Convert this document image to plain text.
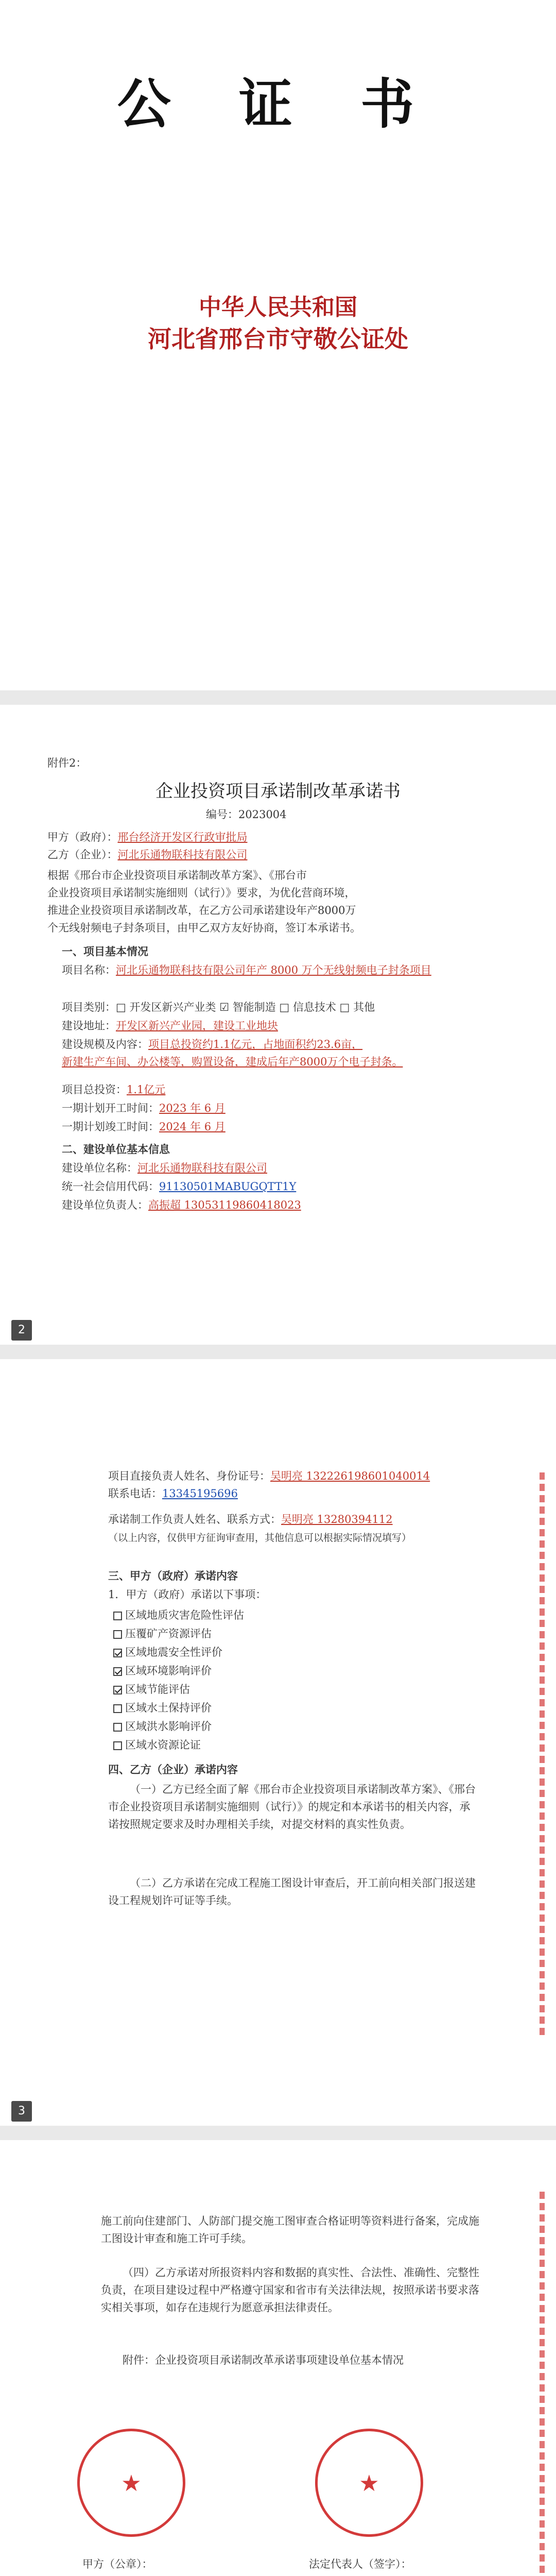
公 证 书
中华人民共和国
河北省邢台市守敬公证处
附件2：
企业投资项目承诺制改革承诺书
编号：2023004
甲方（政府）：邢台经济开发区行政审批局
乙方（企业）：河北乐通物联科技有限公司
根据《邢台市企业投资项目承诺制改革方案》、《邢台市
企业投资项目承诺制实施细则（试行）》要求，为优化营商环境，
推进企业投资项目承诺制改革，在乙方公司承诺建设年产8000万
个无线射频电子封条项目，由甲乙双方友好协商，签订本承诺书。
一、项目基本情况
项目名称：河北乐通物联科技有限公司年产 8000 万个无线射频电子封条项目
项目类别：□ 开发区新兴产业类 ☑ 智能制造 □ 信息技术 □ 其他
建设地址：开发区新兴产业园，建设工业地块
建设规模及内容：项目总投资约1.1亿元，占地面积约23.6亩，
新建生产车间、办公楼等，购置设备，建成后年产8000万个电子封条。
项目总投资：1.1亿元
一期计划开工时间：2023 年 6 月
一期计划竣工时间：2024 年 6 月
二、建设单位基本信息
建设单位名称：河北乐通物联科技有限公司
统一社会信用代码：91130501MABUGQTT1Y
建设单位负责人：高振超 13053119860418023
2
项目直接负责人姓名、身份证号：吴明亮 132226198601040014
联系电话：13345195696
承诺制工作负责人姓名、联系方式：吴明亮 13280394112
（以上内容，仅供甲方征询审查用，其他信息可以根据实际情况填写）
三、甲方（政府）承诺内容
1．甲方（政府）承诺以下事项：
区域地质灾害危险性评估
压覆矿产资源评估
区域地震安全性评价
区域环境影响评价
区域节能评估
区域水土保持评价
区域洪水影响评价
区域水资源论证
四、乙方（企业）承诺内容
（一）乙方已经全面了解《邢台市企业投资项目承诺制改革方案》、《邢台市企业投资项目承诺制实施细则（试行）》的规定和本承诺书的相关内容，承诺按照规定要求及时办理相关手续，对提交材料的真实性负责。
（二）乙方承诺在完成工程施工图设计审查后，开工前向相关部门报送建设工程规划许可证等手续。
3
施工前向住建部门、人防部门提交施工图审查合格证明等资料进行备案，完成施工图设计审查和施工许可手续。
（四）乙方承诺对所报资料内容和数据的真实性、合法性、准确性、完整性负责，在项目建设过程中严格遵守国家和省市有关法律法规，按照承诺书要求落实相关事项，如存在违规行为愿意承担法律责任。
附件：企业投资项目承诺制改革承诺事项建设单位基本情况
★	★
甲方（公章）：	法定代表人（签字）：
